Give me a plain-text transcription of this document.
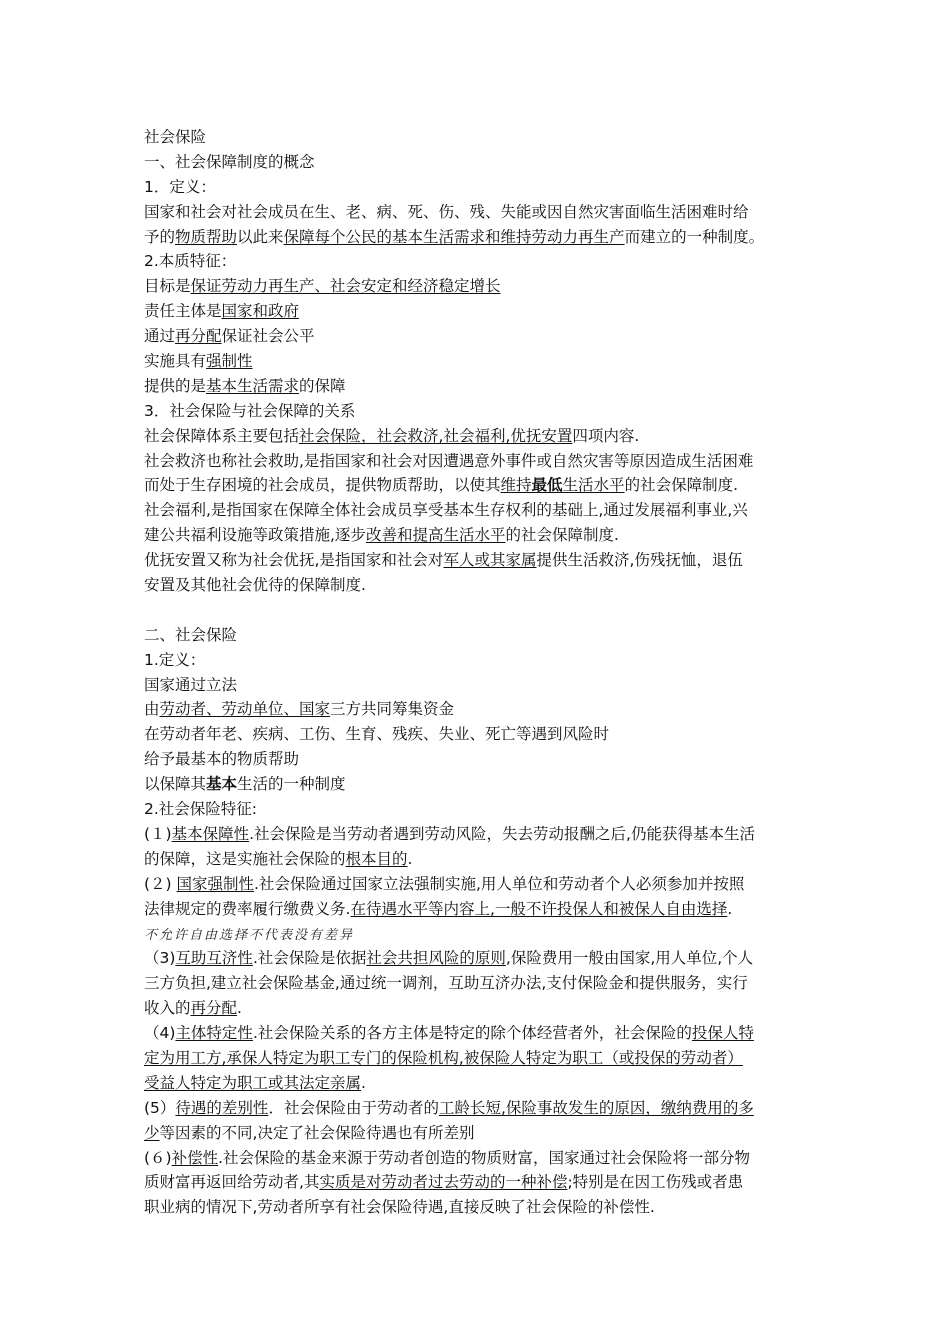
社会保险
一、社会保障制度的概念
1．定义：
国家和社会对社会成员在生、老、病、死、伤、残、失能或因自然灾害面临生活困难时给
予的物质帮助以此来保障每个公民的基本生活需求和维持劳动力再生产而建立的一种制度。
2.本质特征：
目标是保证劳动力再生产、社会安定和经济稳定增长
责任主体是国家和政府
通过再分配保证社会公平
实施具有强制性
提供的是基本生活需求的保障
3．社会保险与社会保障的关系
社会保障体系主要包括社会保险，社会救济,社会福利,优抚安置四项内容.
社会救济也称社会救助,是指国家和社会对因遭遇意外事件或自然灾害等原因造成生活困难
而处于生存困境的社会成员，提供物质帮助，以使其维持最低生活水平的社会保障制度.
社会福利,是指国家在保障全体社会成员享受基本生存权利的基础上,通过发展福利事业,兴
建公共福利设施等政策措施,逐步改善和提高生活水平的社会保障制度.
优抚安置又称为社会优抚,是指国家和社会对军人或其家属提供生活救济,伤残抚恤，退伍
安置及其他社会优待的保障制度.
二、社会保险
1.定义：
国家通过立法
由劳动者、劳动单位、国家三方共同筹集资金
在劳动者年老、疾病、工伤、生育、残疾、失业、死亡等遇到风险时
给予最基本的物质帮助
以保障其基本生活的一种制度
2.社会保险特征:
(１)基本保障性.社会保险是当劳动者遇到劳动风险，失去劳动报酬之后,仍能获得基本生活
的保障，这是实施社会保险的根本目的.
(２) 国家强制性.社会保险通过国家立法强制实施,用人单位和劳动者个人必须参加并按照
法律规定的费率履行缴费义务.在待遇水平等内容上,一般不许投保人和被保人自由选择.
不允许自由选择不代表没有差异
（3)互助互济性.社会保险是依据社会共担风险的原则,保险费用一般由国家,用人单位,个人
三方负担,建立社会保险基金,通过统一调剂，互助互济办法,支付保险金和提供服务，实行
收入的再分配.
（4)主体特定性.社会保险关系的各方主体是特定的除个体经营者外，社会保险的投保人特
定为用工方,承保人特定为职工专门的保险机构,被保险人特定为职工（或投保的劳动者）
受益人特定为职工或其法定亲属.
(5）待遇的差别性．社会保险由于劳动者的工龄长短,保险事故发生的原因，缴纳费用的多
少等因素的不同,决定了社会保险待遇也有所差别
(６)补偿性.社会保险的基金来源于劳动者创造的物质财富，国家通过社会保险将一部分物
质财富再返回给劳动者,其实质是对劳动者过去劳动的一种补偿;特别是在因工伤残或者患
职业病的情况下,劳动者所享有社会保险待遇,直接反映了社会保险的补偿性.
